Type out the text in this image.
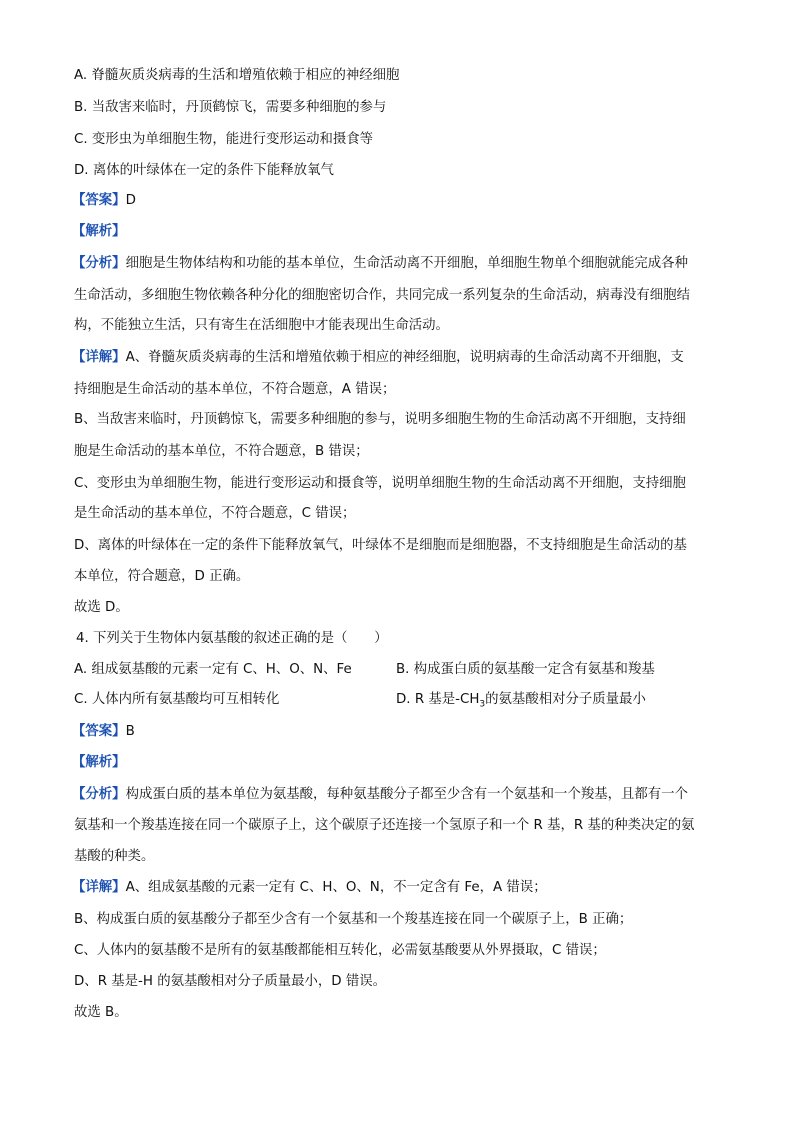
A. 脊髓灰质炎病毒的生活和增殖依赖于相应的神经细胞
B. 当敌害来临时，丹顶鹤惊飞，需要多种细胞的参与
C. 变形虫为单细胞生物，能进行变形运动和摄食等
D. 离体的叶绿体在一定的条件下能释放氧气
【答案】D
【解析】
【分析】细胞是生物体结构和功能的基本单位，生命活动离不开细胞，单细胞生物单个细胞就能完成各种
生命活动，多细胞生物依赖各种分化的细胞密切合作，共同完成一系列复杂的生命活动，病毒没有细胞结
构，不能独立生活，只有寄生在活细胞中才能表现出生命活动。
【详解】A、脊髓灰质炎病毒的生活和增殖依赖于相应的神经细胞，说明病毒的生命活动离不开细胞，支
持细胞是生命活动的基本单位，不符合题意，A 错误；
B、当敌害来临时，丹顶鹤惊飞，需要多种细胞的参与，说明多细胞生物的生命活动离不开细胞，支持细
胞是生命活动的基本单位，不符合题意，B 错误；
C、变形虫为单细胞生物，能进行变形运动和摄食等，说明单细胞生物的生命活动离不开细胞，支持细胞
是生命活动的基本单位，不符合题意，C 错误；
D、离体的叶绿体在一定的条件下能释放氧气，叶绿体不是细胞而是细胞器，不支持细胞是生命活动的基
本单位，符合题意，D 正确。
故选 D。
4. 下列关于生物体内氨基酸的叙述正确的是（　　）
A. 组成氨基酸的元素一定有 C、H、O、N、Fe	B. 构成蛋白质的氨基酸一定含有氨基和羧基
C. 人体内所有氨基酸均可互相转化	D. R 基是$-CH_3$的氨基酸相对分子质量最小
【答案】B
【解析】
【分析】构成蛋白质的基本单位为氨基酸，每种氨基酸分子都至少含有一个氨基和一个羧基，且都有一个
氨基和一个羧基连接在同一个碳原子上，这个碳原子还连接一个氢原子和一个 R 基，R 基的种类决定的氨
基酸的种类。
【详解】A、组成氨基酸的元素一定有 C、H、O、N，不一定含有 Fe，A 错误；
B、构成蛋白质的氨基酸分子都至少含有一个氨基和一个羧基连接在同一个碳原子上，B 正确；
C、人体内的氨基酸不是所有的氨基酸都能相互转化，必需氨基酸要从外界摄取，C 错误；
D、R 基是-H 的氨基酸相对分子质量最小，D 错误。
故选 B。
